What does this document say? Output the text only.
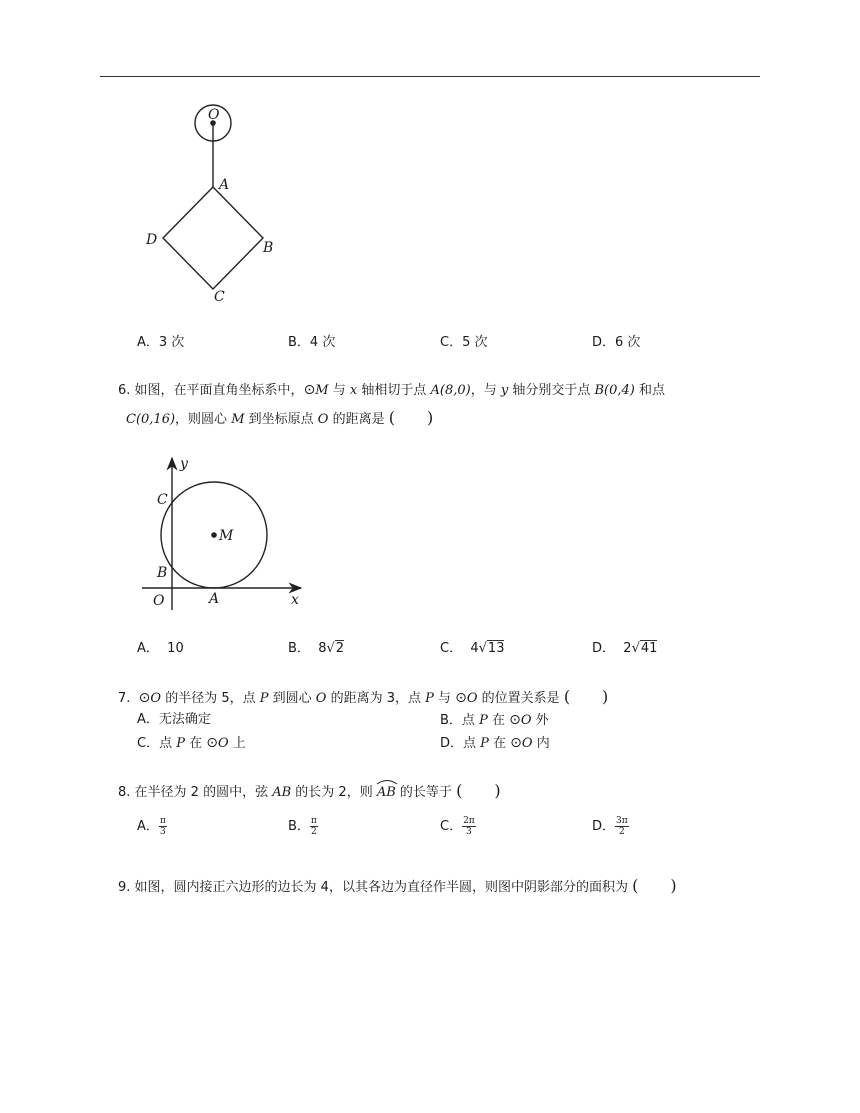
O
A
B
C
D
A．3 次	B．4 次	C．5 次	D．6 次
6. 如图，在平面直角坐标系中，⊙M 与 x 轴相切于点 A(8,0)，与 y 轴分别交于点 B(0,4) 和点
C(0,16)，则圆心 M 到坐标原点 O 的距离是 (　　)
y
C
M
B
O	A	x
A． 10	B． 8√2	C． 4√13	D． 2√41
7. ⊙O 的半径为 5，点 P 到圆心 O 的距离为 3，点 P 与 ⊙O 的位置关系是 (　　)
A．无法确定	B．点 P 在 ⊙O 外
C．点 P 在 ⊙O 上	D．点 P 在 ⊙O 内
8. 在半径为 2 的圆中，弦 AB 的长为 2，则
AB 的长等于 (　　)
A． $\frac{\pi}{3}$	B． $\frac{\pi}{2}$	C． $\frac{2\pi}{3}$	D． $\frac{3\pi}{2}$
9. 如图，圆内接正六边形的边长为 4，以其各边为直径作半圆，则图中阴影部分的面积为 (　　)
